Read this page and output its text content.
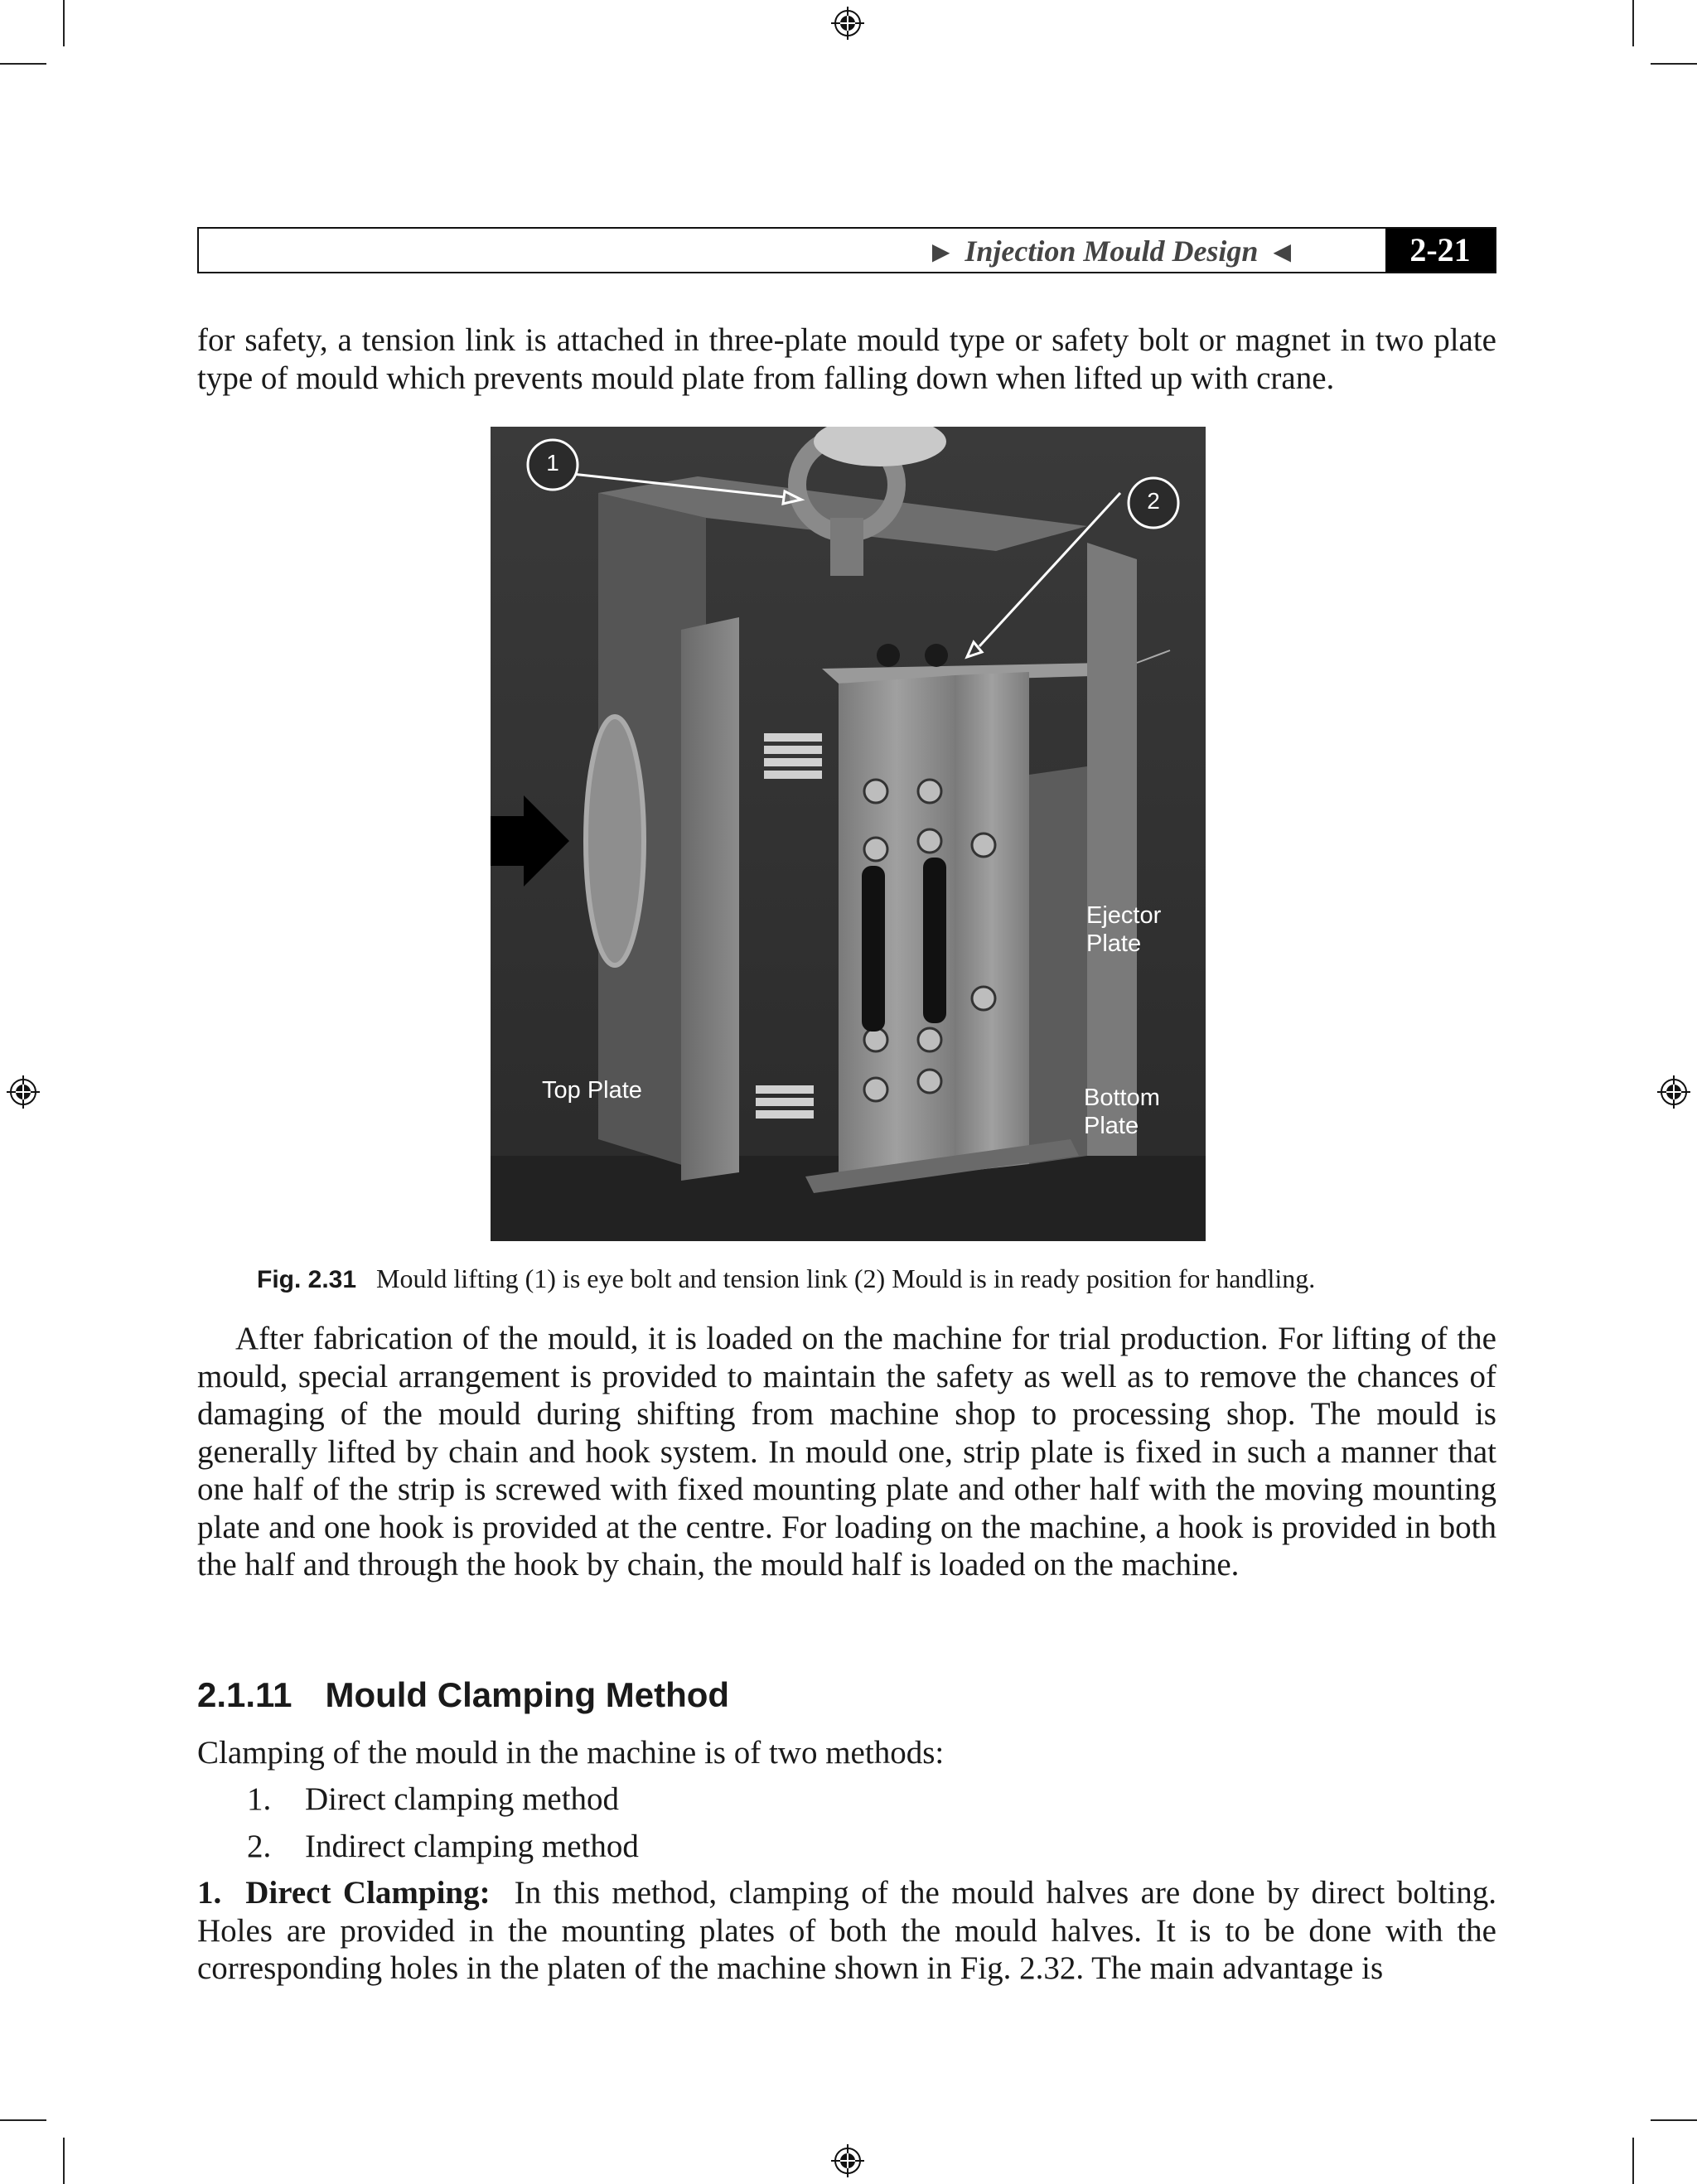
▶ Injection Mould Design ◀	2-21

for safety, a tension link is attached in three-plate mould type or safety bolt or magnet in two plate type of mould which prevents mould plate from falling down when lifted up with crane.

1
2
Top Plate
Ejector
Plate
Bottom
Plate
Fig. 2.31 Mould lifting (1) is eye bolt and tension link (2) Mould is in ready position for handling.

After fabrication of the mould, it is loaded on the machine for trial production. For lifting of the mould, special arrangement is provided to maintain the safety as well as to remove the chances of damaging of the mould during shifting from machine shop to processing shop. The mould is generally lifted by chain and hook system. In mould one, strip plate is fixed in such a manner that one half of the strip is screwed with fixed mounting plate and other half with the moving mounting plate and one hook is provided at the centre. For loading on the machine, a hook is provided in both the half and through the hook by chain, the mould half is loaded on the machine.

2.1.11 Mould Clamping Method

Clamping of the mould in the machine is of two methods:

1. Direct clamping method
2. Indirect clamping method

1.  Direct Clamping: In this method, clamping of the mould halves are done by direct bolting. Holes are provided in the mounting plates of both the mould halves. It is to be done with the corresponding holes in the platen of the machine shown in Fig. 2.32. The main advantage is
